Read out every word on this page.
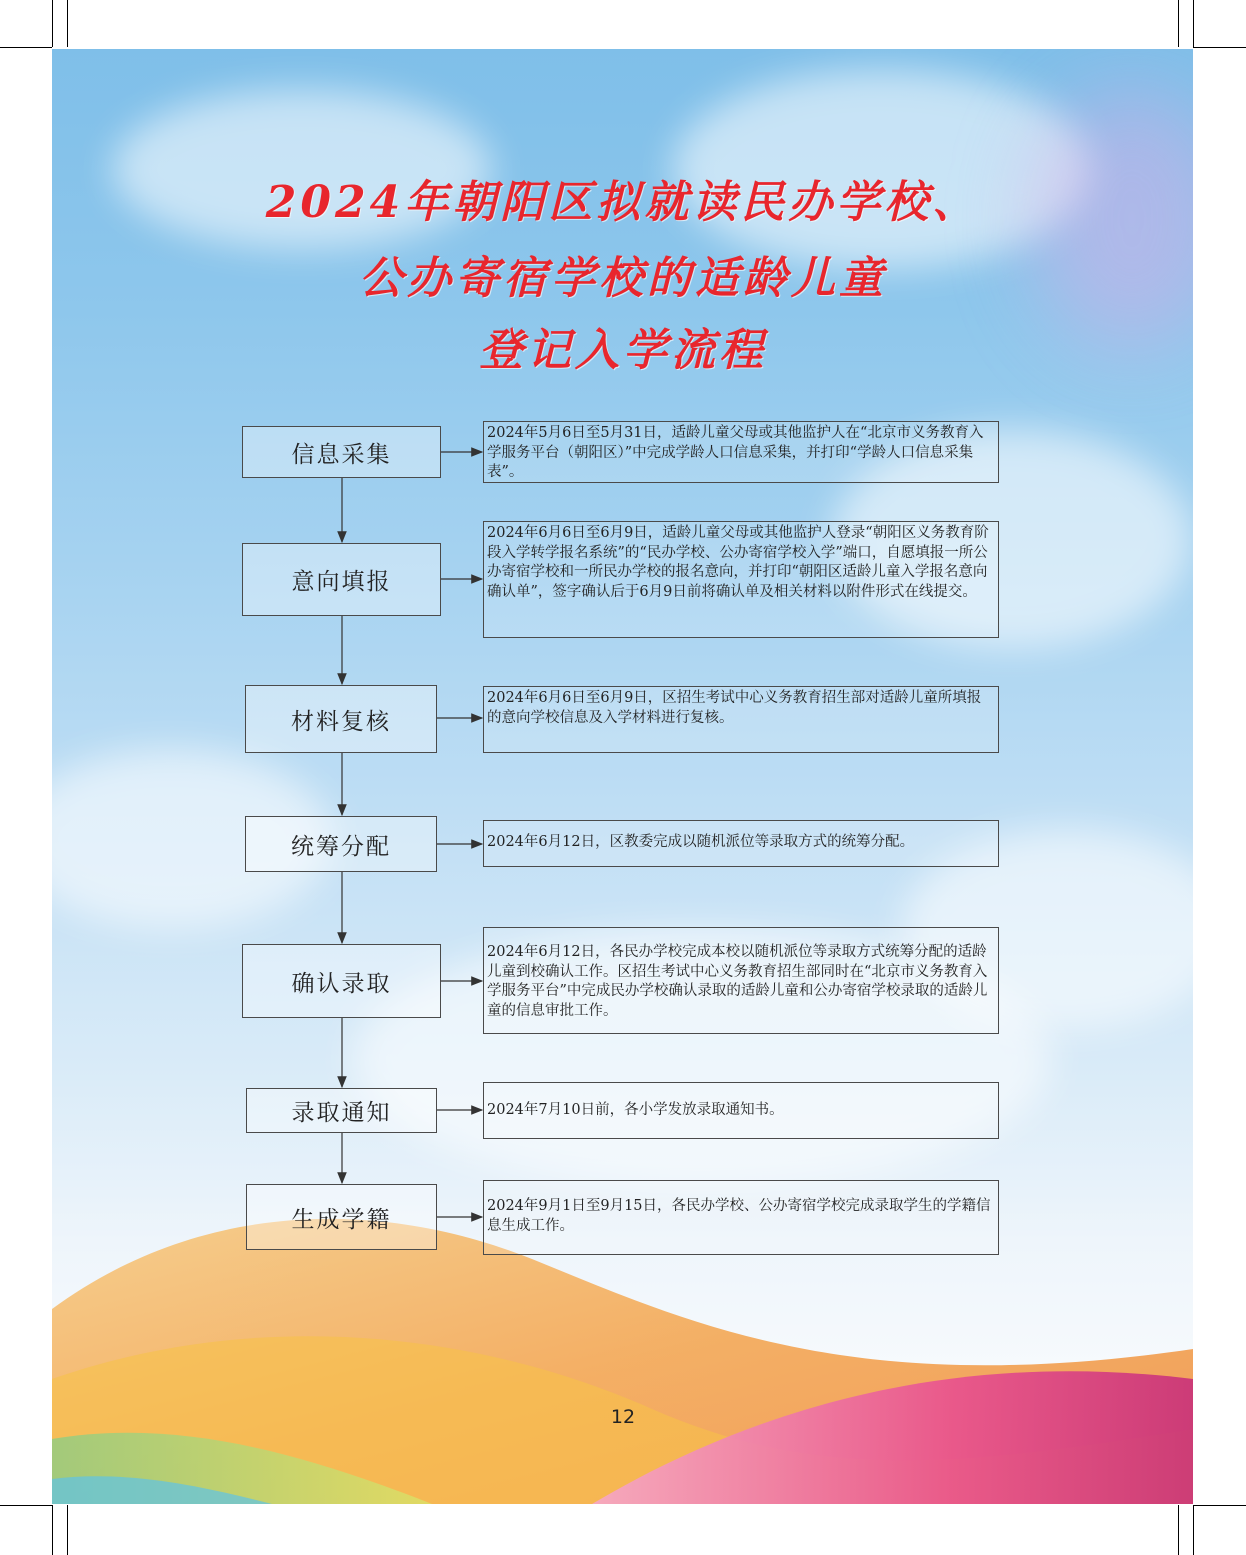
2024年朝阳区拟就读民办学校、
公办寄宿学校的适龄儿童
登记入学流程
信息采集
意向填报
材料复核
统筹分配
确认录取
录取通知
生成学籍
2024年5月6日至5月31日，适龄儿童父母或其他监护人在“北京市义务教育入学服务平台（朝阳区）”中完成学龄人口信息采集，并打印“学龄人口信息采集表”。
2024年6月6日至6月9日，适龄儿童父母或其他监护人登录“朝阳区义务教育阶段入学转学报名系统”的“民办学校、公办寄宿学校入学”端口，自愿填报一所公办寄宿学校和一所民办学校的报名意向，并打印“朝阳区适龄儿童入学报名意向确认单”，签字确认后于6月9日前将确认单及相关材料以附件形式在线提交。
2024年6月6日至6月9日，区招生考试中心义务教育招生部对适龄儿童所填报的意向学校信息及入学材料进行复核。
2024年6月12日，区教委完成以随机派位等录取方式的统筹分配。
2024年6月12日，各民办学校完成本校以随机派位等录取方式统筹分配的适龄儿童到校确认工作。区招生考试中心义务教育招生部同时在“北京市义务教育入学服务平台”中完成民办学校确认录取的适龄儿童和公办寄宿学校录取的适龄儿童的信息审批工作。
2024年7月10日前，各小学发放录取通知书。
2024年9月1日至9月15日，各民办学校、公办寄宿学校完成录取学生的学籍信息生成工作。
12
